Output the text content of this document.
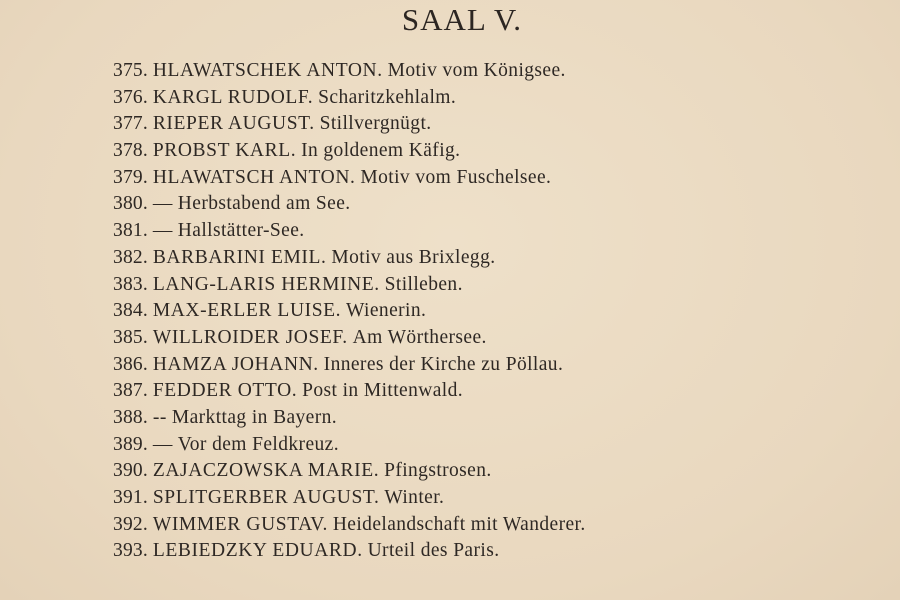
SAAL V.
375. HLAWATSCHEK ANTON. Motiv vom Königsee.
376. KARGL RUDOLF. Scharitzkehlalm.
377. RIEPER AUGUST. Stillvergnügt.
378. PROBST KARL. In goldenem Käfig.
379. HLAWATSCH ANTON. Motiv vom Fuschelsee.
380. — Herbstabend am See.
381. — Hallstätter-See.
382. BARBARINI EMIL. Motiv aus Brixlegg.
383. LANG-LARIS HERMINE. Stilleben.
384. MAX-ERLER LUISE. Wienerin.
385. WILLROIDER JOSEF. Am Wörthersee.
386. HAMZA JOHANN. Inneres der Kirche zu Pöllau.
387. FEDDER OTTO. Post in Mittenwald.
388. -- Markttag in Bayern.
389. — Vor dem Feldkreuz.
390. ZAJACZOWSKA MARIE. Pfingstrosen.
391. SPLITGERBER AUGUST. Winter.
392. WIMMER GUSTAV. Heidelandschaft mit Wanderer.
393. LEBIEDZKY EDUARD. Urteil des Paris.
